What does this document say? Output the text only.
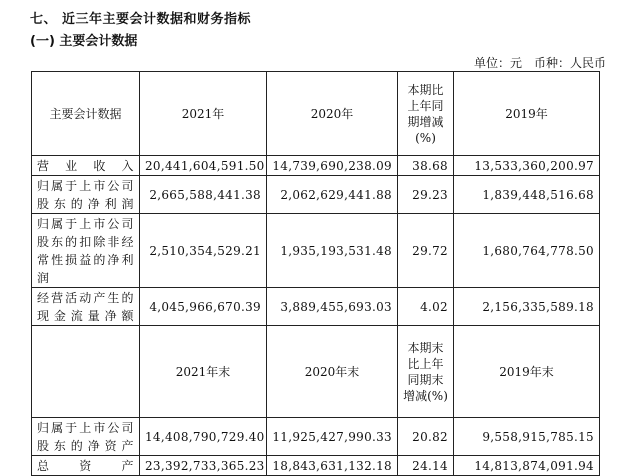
七、 近三年主要会计数据和财务指标
(一) 主要会计数据
单位：元　币种：人民币
主要会计数据	2021年	2020年	本期比上年同期增减(%)	2019年
营业收入	20,441,604,591.50	14,739,690,238.09	38.68	13,533,360,200.97
归属于上市公司股东的净利润	2,665,588,441.38	2,062,629,441.88	29.23	1,839,448,516.68
归属于上市公司股东的扣除非经常性损益的净利润	2,510,354,529.21	1,935,193,531.48	29.72	1,680,764,778.50
经营活动产生的现金流量净额	4,045,966,670.39	3,889,455,693.03	4.02	2,156,335,589.18
	2021年末	2020年末	本期末比上年同期末增减(%)	2019年末
归属于上市公司股东的净资产	14,408,790,729.40	11,925,427,990.33	20.82	9,558,915,785.15
总资产	23,392,733,365.23	18,843,631,132.18	24.14	14,813,874,091.94
